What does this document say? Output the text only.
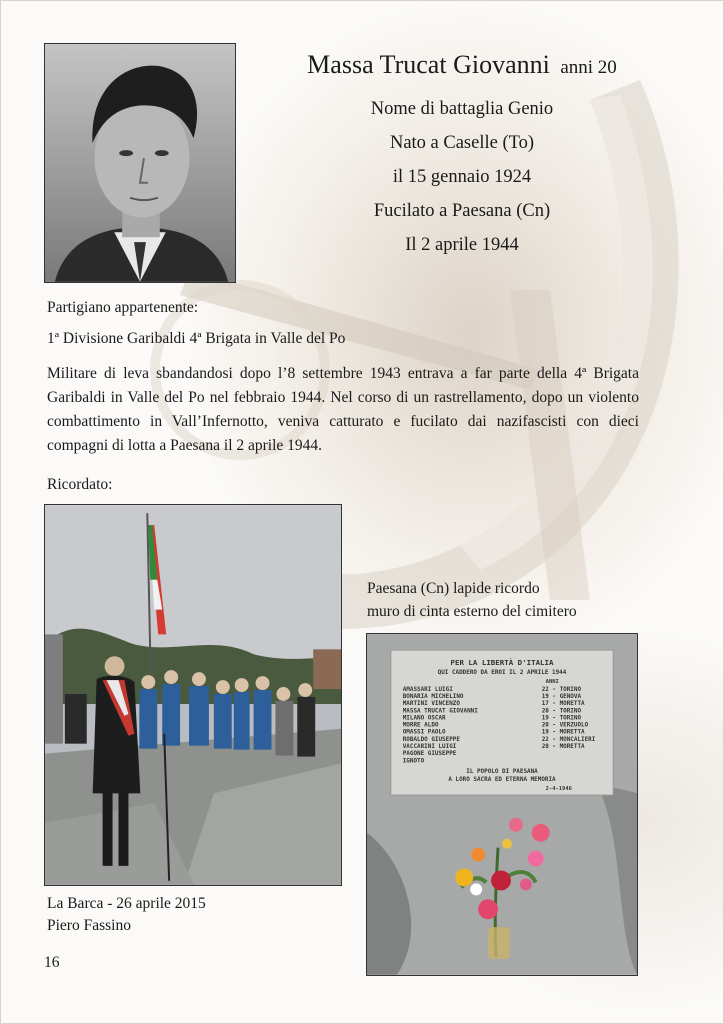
Massa Trucat Giovanni anni 20
Nome di battaglia Genio
Nato a Caselle (To)
il 15 gennaio 1924
Fucilato a Paesana (Cn)
Il 2 aprile 1944
Partigiano appartenente:
1ª Divisione Garibaldi 4ª Brigata in Valle del Po
Militare di leva sbandandosi dopo l’8 settembre 1943 entrava a far parte della 4ª Brigata Garibaldi in Valle del Po nel febbraio 1944. Nel corso di un rastrellamento, dopo un violento combattimento in Vall’Infernotto, veniva catturato e fucilato dai nazifascisti con dieci compagni di lotta a Paesana il 2 aprile 1944.
Ricordato:
La Barca - 26 aprile 2015
Piero Fassino
Paesana (Cn) lapide ricordo
muro di cinta esterno del cimitero
PER LA LIBERTÀ D'ITALIA
QUI CADDERO DA EROI IL 2 APRILE 1944
ANNI
AMASSARI LUIGI	22 - TORINO
BONARIA MICHELINO	19 - GENOVA
MARTINI VINCENZO	17 - MORETTA
MASSA TRUCAT GIOVANNI	20 - TORINO
MILANO OSCAR	19 - TORINO
MORRE ALDO	20 - VERZUOLO
OMASSI PAOLO	19 - MORETTA
ROBALDO GIUSEPPE	22 - MONCALIERI
VACCARINI LUIGI	20 - MORETTA
PAGONE GIUSEPPE
IGNOTO
IL POPOLO DI PAESANA
A LORO SACRA ED ETERNA MEMORIA
2-4-1946
16
